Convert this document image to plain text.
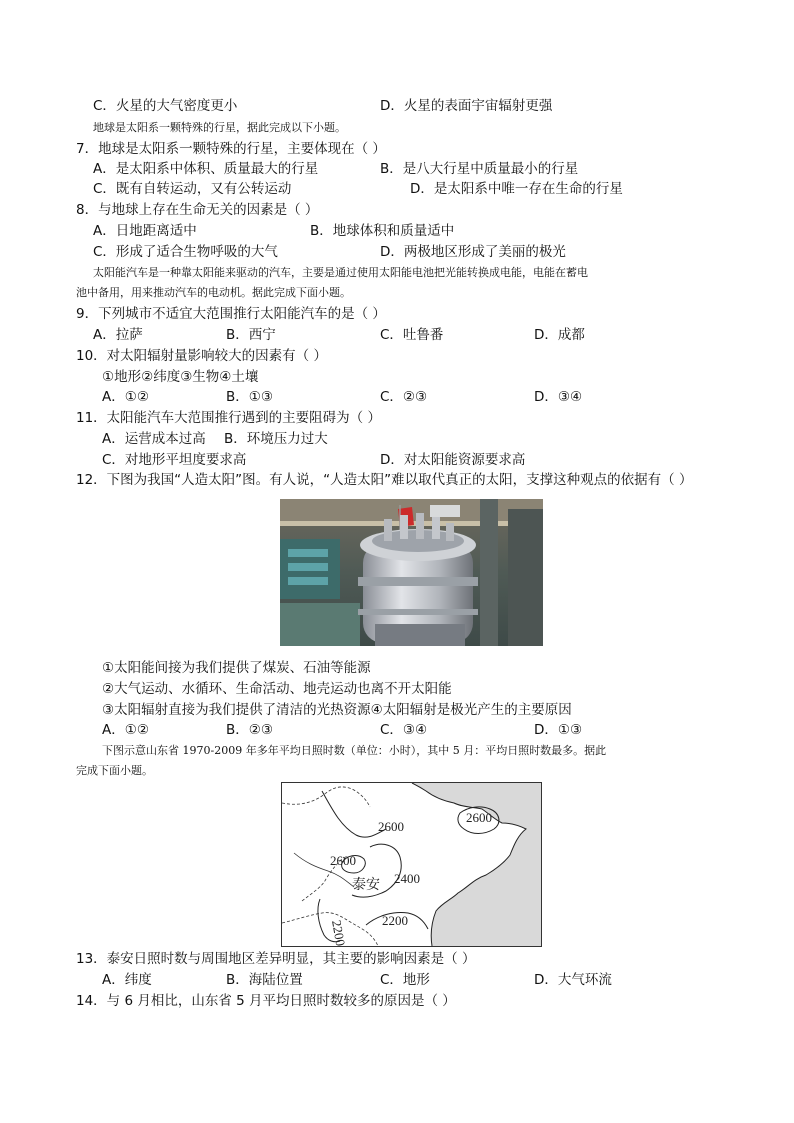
C．火星的大气密度更小	D．火星的表面宇宙辐射更强
地球是太阳系一颗特殊的行星，据此完成以下小题。
7．地球是太阳系一颗特殊的行星，主要体现在（ ）
A．是太阳系中体积、质量最大的行星	B．是八大行星中质量最小的行星
C．既有自转运动，又有公转运动	D．是太阳系中唯一存在生命的行星
8．与地球上存在生命无关的因素是（ ）
A．日地距离适中	B．地球体积和质量适中
C．形成了适合生物呼吸的大气	D．两极地区形成了美丽的极光
太阳能汽车是一种靠太阳能来驱动的汽车，主要是通过使用太阳能电池把光能转换成电能，电能在蓄电
池中备用，用来推动汽车的电动机。据此完成下面小题。
9．下列城市不适宜大范围推行太阳能汽车的是（ ）
A．拉萨	B．西宁	C．吐鲁番	D．成都
10．对太阳辐射量影响较大的因素有（ ）
①地形②纬度③生物④土壤
A．①②	B．①③	C．②③	D．③④
11．太阳能汽车大范围推行遇到的主要阻碍为（ ）
A．运营成本过高 B．环境压力过大
C．对地形平坦度要求高	D．对太阳能资源要求高
12．下图为我国“人造太阳”图。有人说，“人造太阳”难以取代真正的太阳，支撑这种观点的依据有（ ）
①太阳能间接为我们提供了煤炭、石油等能源
②大气运动、水循环、生命活动、地壳运动也离不开太阳能
③太阳辐射直接为我们提供了清洁的光热资源④太阳辐射是极光产生的主要原因
A．①②	B．②③	C．③④	D．①③
下图示意山东省 1970-2009 年多年平均日照时数（单位：小时），其中 5 月：平均日照时数最多。据此
完成下面小题。
2600
2600
2600
2400
2200	2200
泰安
13．泰安日照时数与周围地区差异明显，其主要的影响因素是（ ）
A．纬度	B．海陆位置	C．地形	D．大气环流
14．与 6 月相比，山东省 5 月平均日照时数较多的原因是（ ）
